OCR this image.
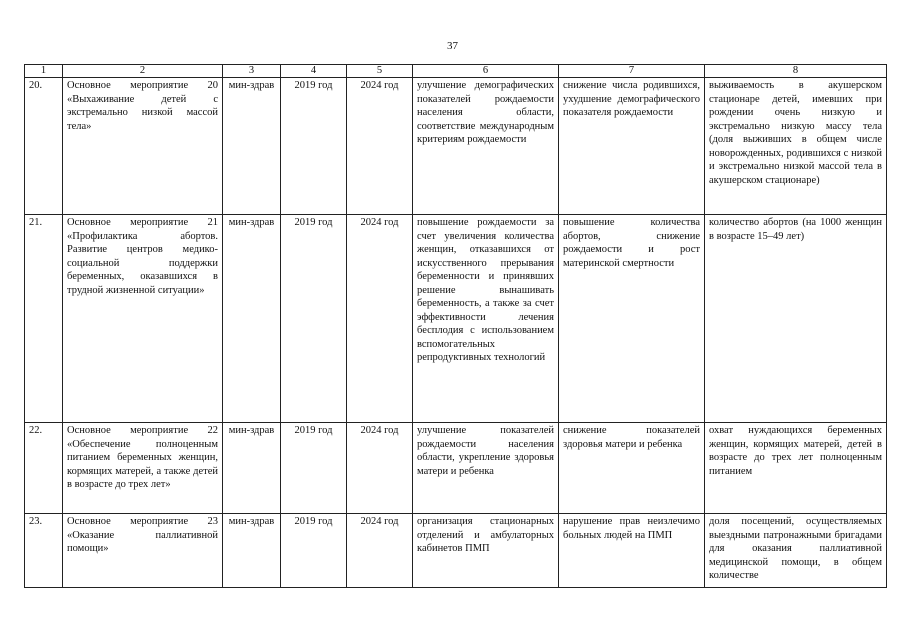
37
1	2	3	4	5	6	7	8
20.	Основное мероприятие 20 «Выхаживание детей с экстремально низкой массой тела»	мин-здрав	2019 год	2024 год	улучшение демографических показателей рождаемости населения области, соответствие международным критериям рождаемости	снижение числа родившихся, ухудшение демографического показателя рождаемости	выживаемость в акушерском стационаре детей, имевших при рождении очень низкую и экстремально низкую массу тела (доля выживших в общем числе новорожденных, родившихся с низкой и экстремально низкой массой тела в акушерском стационаре)
21.	Основное мероприятие 21 «Профилактика абортов. Развитие центров медико-социальной поддержки беременных, оказавшихся в трудной жизненной ситуации»	мин-здрав	2019 год	2024 год	повышение рождаемости за счет увеличения количества женщин, отказавшихся от искусственного прерывания беременности и принявших решение вынашивать беременность, а также за счет эффективности лечения бесплодия с использованием вспомогательных репродуктивных технологий	повышение количества абортов, снижение рождаемости и рост материнской смертности	количество абортов (на 1000 женщин в возрасте 15–49 лет)
22.	Основное мероприятие 22 «Обеспечение полноценным питанием беременных женщин, кормящих матерей, а также детей в возрасте до трех лет»	мин-здрав	2019 год	2024 год	улучшение показателей рождаемости населения области, укрепление здоровья матери и ребенка	снижение показателей здоровья матери и ребенка	охват нуждающихся беременных женщин, кормящих матерей, детей в возрасте до трех лет полноценным питанием
23.	Основное мероприятие 23 «Оказание паллиативной помощи»	мин-здрав	2019 год	2024 год	организация стационарных отделений и амбулаторных кабинетов ПМП	нарушение прав неизлечимо больных людей на ПМП	доля посещений, осуществляемых выездными патронажными бригадами для оказания паллиативной медицинской помощи, в общем количестве
